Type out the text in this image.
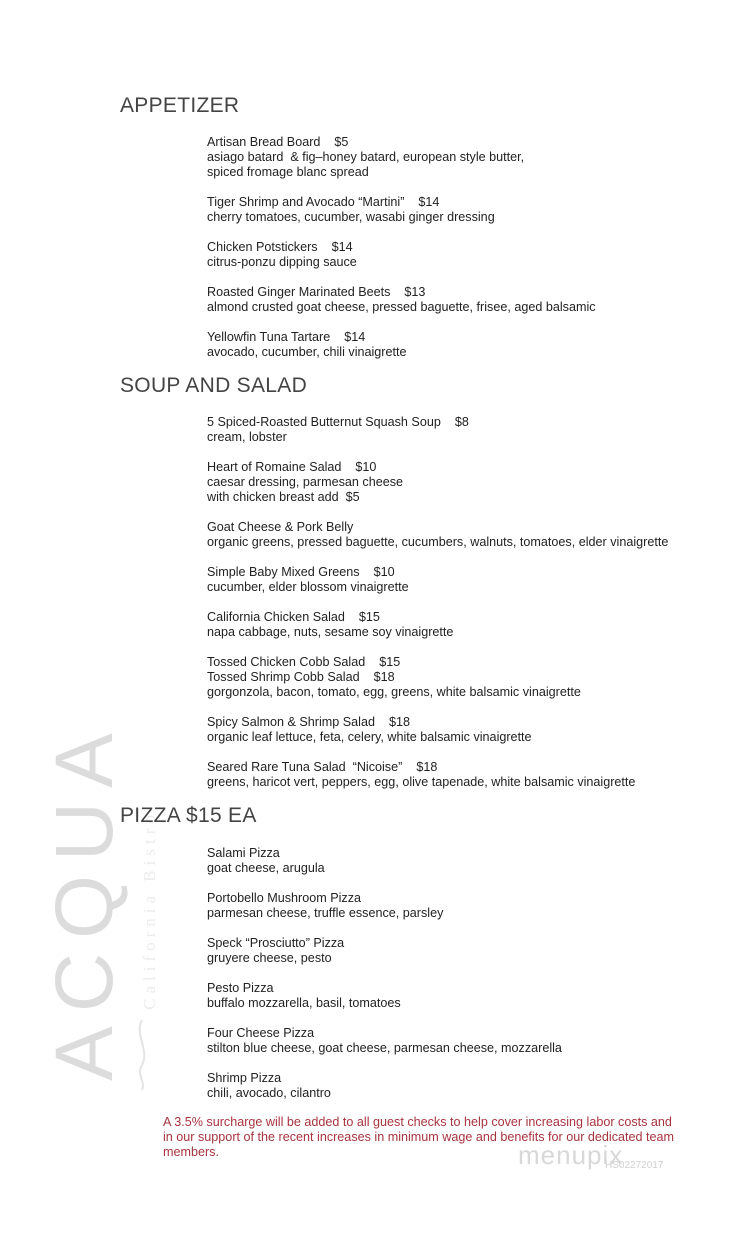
ACQUA California Bistro
APPETIZER
Artisan Bread Board $5
asiago batard  & fig–honey batard, european style butter,
spiced fromage blanc spread
Tiger Shrimp and Avocado “Martini” $14
cherry tomatoes, cucumber, wasabi ginger dressing
Chicken Potstickers $14
citrus-ponzu dipping sauce
Roasted Ginger Marinated Beets $13
almond crusted goat cheese, pressed baguette, frisee, aged balsamic
Yellowfin Tuna Tartare $14
avocado, cucumber, chili vinaigrette
SOUP AND SALAD
5 Spiced-Roasted Butternut Squash Soup $8
cream, lobster
Heart of Romaine Salad $10
caesar dressing, parmesan cheese
with chicken breast add  $5
Goat Cheese & Pork Belly
organic greens, pressed baguette, cucumbers, walnuts, tomatoes, elder vinaigrette
Simple Baby Mixed Greens $10
cucumber, elder blossom vinaigrette
California Chicken Salad $15
napa cabbage, nuts, sesame soy vinaigrette
Tossed Chicken Cobb Salad $15
Tossed Shrimp Cobb Salad $18
gorgonzola, bacon, tomato, egg, greens, white balsamic vinaigrette
Spicy Salmon & Shrimp Salad $18
organic leaf lettuce, feta, celery, white balsamic vinaigrette
Seared Rare Tuna Salad  “Nicoise” $18
greens, haricot vert, peppers, egg, olive tapenade, white balsamic vinaigrette
PIZZA $15 EA
Salami Pizza
goat cheese, arugula
Portobello Mushroom Pizza
parmesan cheese, truffle essence, parsley
Speck “Prosciutto” Pizza
gruyere cheese, pesto
Pesto Pizza
buffalo mozzarella, basil, tomatoes
Four Cheese Pizza
stilton blue cheese, goat cheese, parmesan cheese, mozzarella
Shrimp Pizza
chili, avocado, cilantro
A 3.5% surcharge will be added to all guest checks to help cover increasing labor costs and in our support of the recent increases in minimum wage and benefits for our dedicated team members.	menupix
HS02272017
